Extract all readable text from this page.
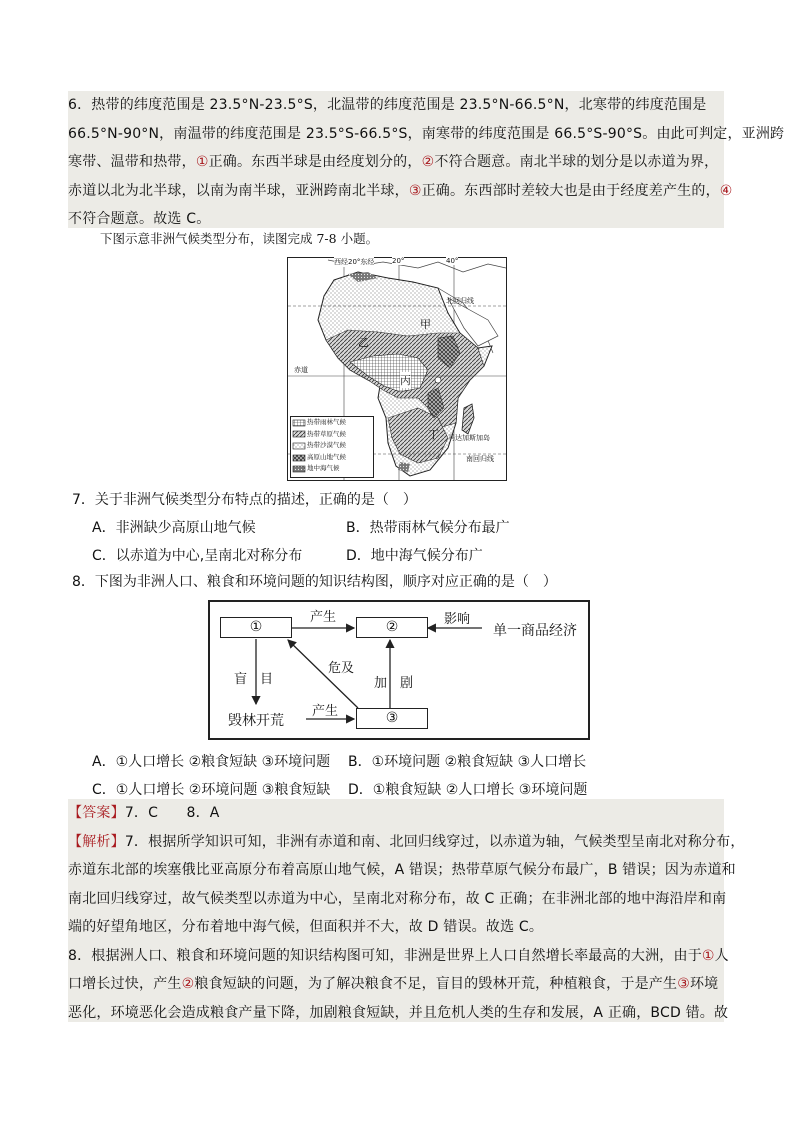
6．热带的纬度范围是 23.5°N-23.5°S，北温带的纬度范围是 23.5°N-66.5°N，北寒带的纬度范围是

66.5°N-90°N，南温带的纬度范围是 23.5°S-66.5°S，南寒带的纬度范围是 66.5°S-90°S。由此可判定，亚洲跨

寒带、温带和热带，①正确。东西半球是由经度划分的，②不符合题意。南北半球的划分是以赤道为界，

赤道以北为北半球，以南为南半球，亚洲跨南北半球，③正确。东西部时差较大也是由于经度差产生的，④

不符合题意。故选 C。

下图示意非洲气候类型分布，读图完成 7-8 小题。
西经20°东经	20°	40°
北回归线
赤道
马达加斯加岛
南回归线
甲
乙
丙
丁
热带雨林气候
热带草原气候
热带沙漠气候
高原山地气候
地中海气候
7．关于非洲气候类型分布特点的描述，正确的是（　）
A．非洲缺少高原山地气候	B．热带雨林气候分布最广
C．以赤道为中心,呈南北对称分布	D．地中海气候分布广
8．下图为非洲人口、粮食和环境问题的知识结构图，顺序对应正确的是（　）
①	②
③
单一商品经济
毁林开荒
产生	影响
盲　目
危及
加　剧
产生
A．①人口增长 ②粮食短缺 ③环境问题 B．①环境问题 ②粮食短缺 ③人口增长
C．①人口增长 ②环境问题 ③粮食短缺 D．①粮食短缺 ②人口增长 ③环境问题

【答案】7．C　　8．A

【解析】7．根据所学知识可知，非洲有赤道和南、北回归线穿过，以赤道为轴，气候类型呈南北对称分布，

赤道东北部的埃塞俄比亚高原分布着高原山地气候，A 错误；热带草原气候分布最广，B 错误；因为赤道和

南北回归线穿过，故气候类型以赤道为中心，呈南北对称分布，故 C 正确；在非洲北部的地中海沿岸和南

端的好望角地区，分布着地中海气候，但面积并不大，故 D 错误。故选 C。

8．根据洲人口、粮食和环境问题的知识结构图可知，非洲是世界上人口自然增长率最高的大洲，由于①人

口增长过快，产生②粮食短缺的问题，为了解决粮食不足，盲目的毁林开荒，种植粮食，于是产生③环境

恶化，环境恶化会造成粮食产量下降，加剧粮食短缺，并且危机人类的生存和发展，A 正确，BCD 错。故
